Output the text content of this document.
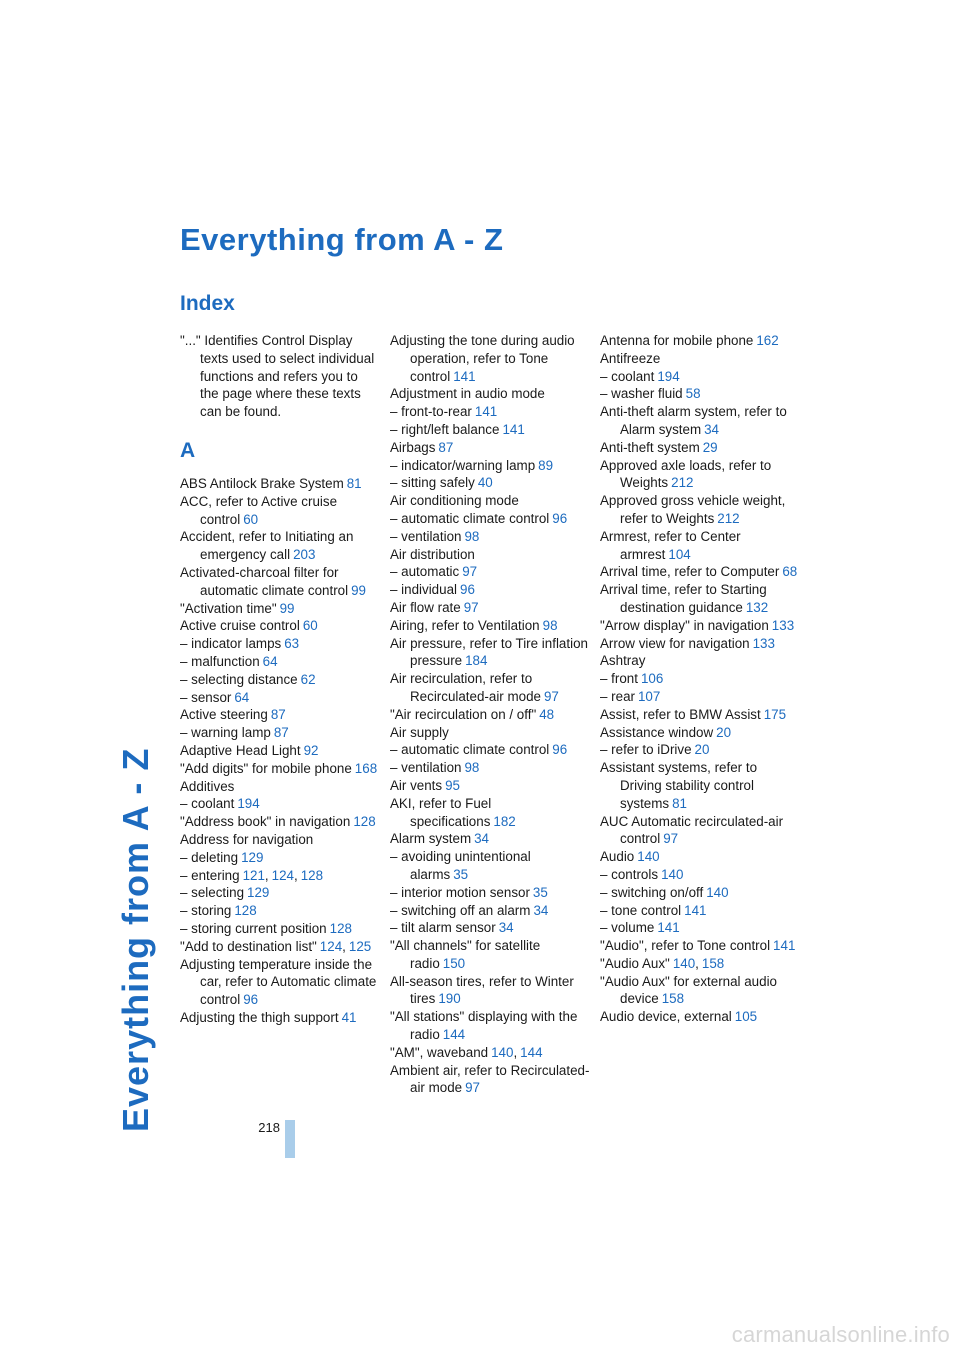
Everything from A - Z
Everything from A - Z
Index

"..." Identifies Control Display texts used to select individual functions and refers you to the page where these texts can be found.

A

ABS Antilock Brake System 81

ACC, refer to Active cruise control 60

Accident, refer to Initiating an emergency call 203

Activated-charcoal filter for automatic climate control 99

"Activation time" 99

Active cruise control 60

– indicator lamps 63

– malfunction 64

– selecting distance 62

– sensor 64

Active steering 87

– warning lamp 87

Adaptive Head Light 92

"Add digits" for mobile phone 168

Additives

– coolant 194

"Address book" in navigation 128

Address for navigation

– deleting 129

– entering 121, 124, 128

– selecting 129

– storing 128

– storing current position 128

"Add to destination list" 124, 125

Adjusting temperature inside the car, refer to Automatic climate control 96

Adjusting the thigh support 41

Adjusting the tone during audio operation, refer to Tone control 141

Adjustment in audio mode

– front-to-rear 141

– right/left balance 141

Airbags 87

– indicator/warning lamp 89

– sitting safely 40

Air conditioning mode

– automatic climate control 96

– ventilation 98

Air distribution

– automatic 97

– individual 96

Air flow rate 97

Airing, refer to Ventilation 98

Air pressure, refer to Tire inflation pressure 184

Air recirculation, refer to Recirculated-air mode 97

"Air recirculation on / off" 48

Air supply

– automatic climate control 96

– ventilation 98

Air vents 95

AKI, refer to Fuel specifications 182

Alarm system 34

– avoiding unintentional alarms 35

– interior motion sensor 35

– switching off an alarm 34

– tilt alarm sensor 34

"All channels" for satellite radio 150

All-season tires, refer to Winter tires 190

"All stations" displaying with the radio 144

"AM", waveband 140, 144

Ambient air, refer to Recirculated-air mode 97

Antenna for mobile phone 162

Antifreeze

– coolant 194

– washer fluid 58

Anti-theft alarm system, refer to Alarm system 34

Anti-theft system 29

Approved axle loads, refer to Weights 212

Approved gross vehicle weight, refer to Weights 212

Armrest, refer to Center armrest 104

Arrival time, refer to Computer 68

Arrival time, refer to Starting destination guidance 132

"Arrow display" in navigation 133

Arrow view for navigation 133

Ashtray

– front 106

– rear 107

Assist, refer to BMW Assist 175

Assistance window 20

– refer to iDrive 20

Assistant systems, refer to Driving stability control systems 81

AUC Automatic recirculated-air control 97

Audio 140

– controls 140

– switching on/off 140

– tone control 141

– volume 141

"Audio", refer to Tone control 141

"Audio Aux" 140, 158

"Audio Aux" for external audio device 158

Audio device, external 105

218
carmanualsonline.info
